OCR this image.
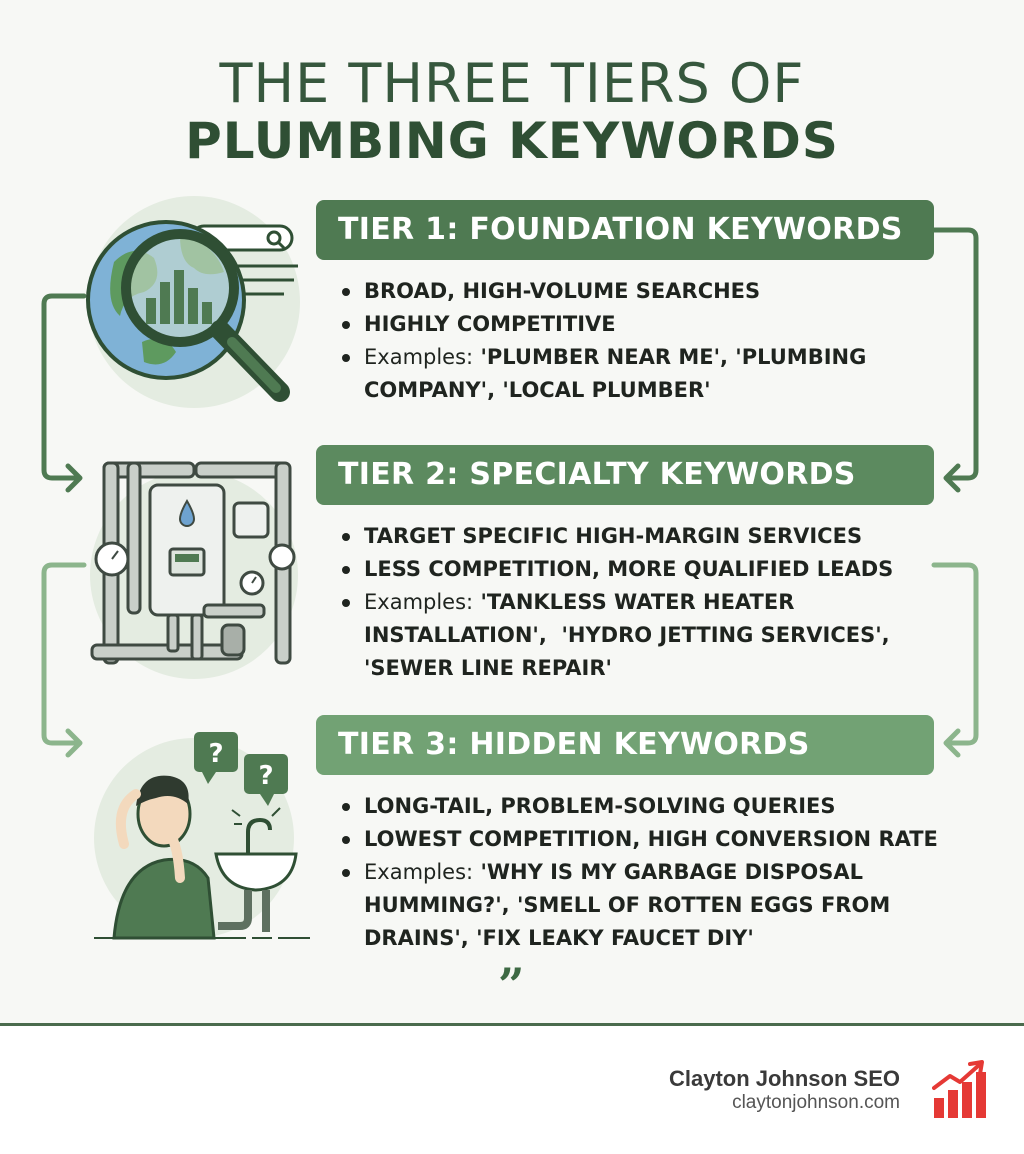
THE THREE TIERS OF
PLUMBING KEYWORDS
TIER 1: FOUNDATION KEYWORDS
BROAD, HIGH-VOLUME SEARCHES
HIGHLY COMPETITIVE
Examples: 'PLUMBER NEAR ME', 'PLUMBING
COMPANY', 'LOCAL PLUMBER'
TIER 2: SPECIALTY KEYWORDS
TARGET SPECIFIC HIGH-MARGIN SERVICES
LESS COMPETITION, MORE QUALIFIED LEADS
Examples: 'TANKLESS WATER HEATER
INSTALLATION',  'HYDRO JETTING SERVICES',
'SEWER LINE REPAIR'
?
?
TIER 3: HIDDEN KEYWORDS
LONG-TAIL, PROBLEM-SOLVING QUERIES
LOWEST COMPETITION, HIGH CONVERSION RATE
Examples: 'WHY IS MY GARBAGE DISPOSAL
HUMMING?', 'SMELL OF ROTTEN EGGS FROM
DRAINS', 'FIX LEAKY FAUCET DIY'
”
Clayton Johnson SEO
claytonjohnson.com
